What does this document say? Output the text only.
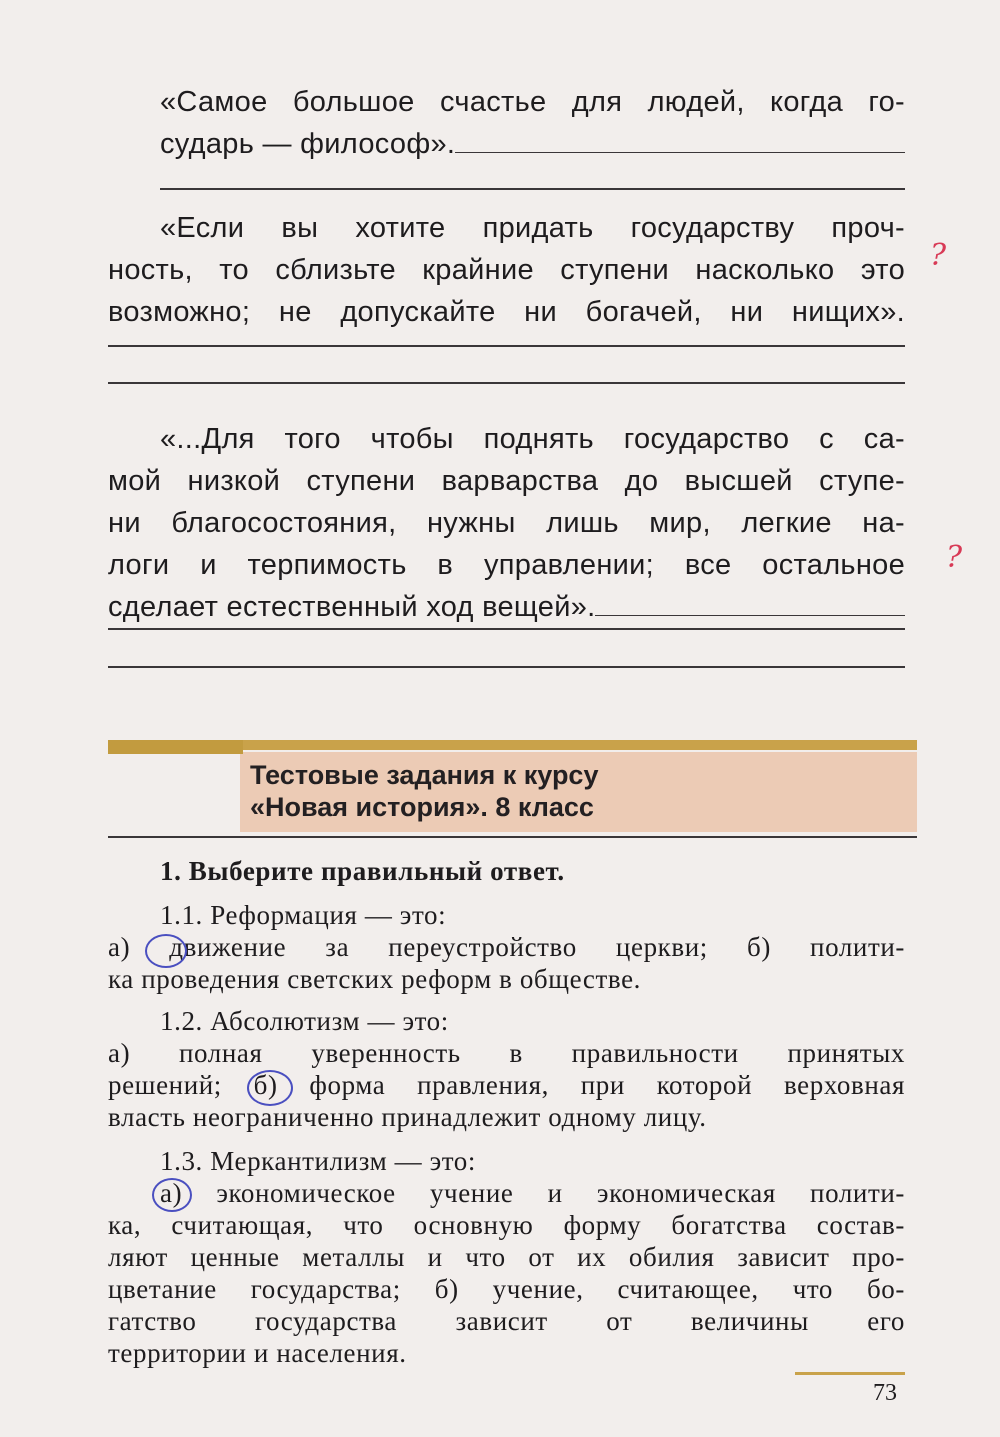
«Самое большое счастье для людей, когда го-
сударь — философ».
«Если вы хотите придать государству проч-
ность, то сблизьте крайние ступени насколько это
возможно; не допускайте ни богачей, ни нищих».
«...Для того чтобы поднять государство с са-
мой низкой ступени варварства до высшей ступе-
ни благосостояния, нужны лишь мир, легкие на-
логи и терпимость в управлении; все остальное
сделает естественный ход вещей».
?
?
Тестовые задания к курсу
«Новая история». 8 класс
1. Выберите правильный ответ.
1.1. Реформация — это:
а) движение за переустройство церкви; б) полити-
ка проведения светских реформ в обществе.
1.2. Абсолютизм — это:
а) полная уверенность в правильности принятых
решений; б) форма правления, при которой верховная
власть неограниченно принадлежит одному лицу.
1.3. Меркантилизм — это:
а) экономическое учение и экономическая полити-
ка, считающая, что основную форму богатства состав-
ляют ценные металлы и что от их обилия зависит про-
цветание государства; б) учение, считающее, что бо-
гатство государства зависит от величины его
территории и населения.
73
